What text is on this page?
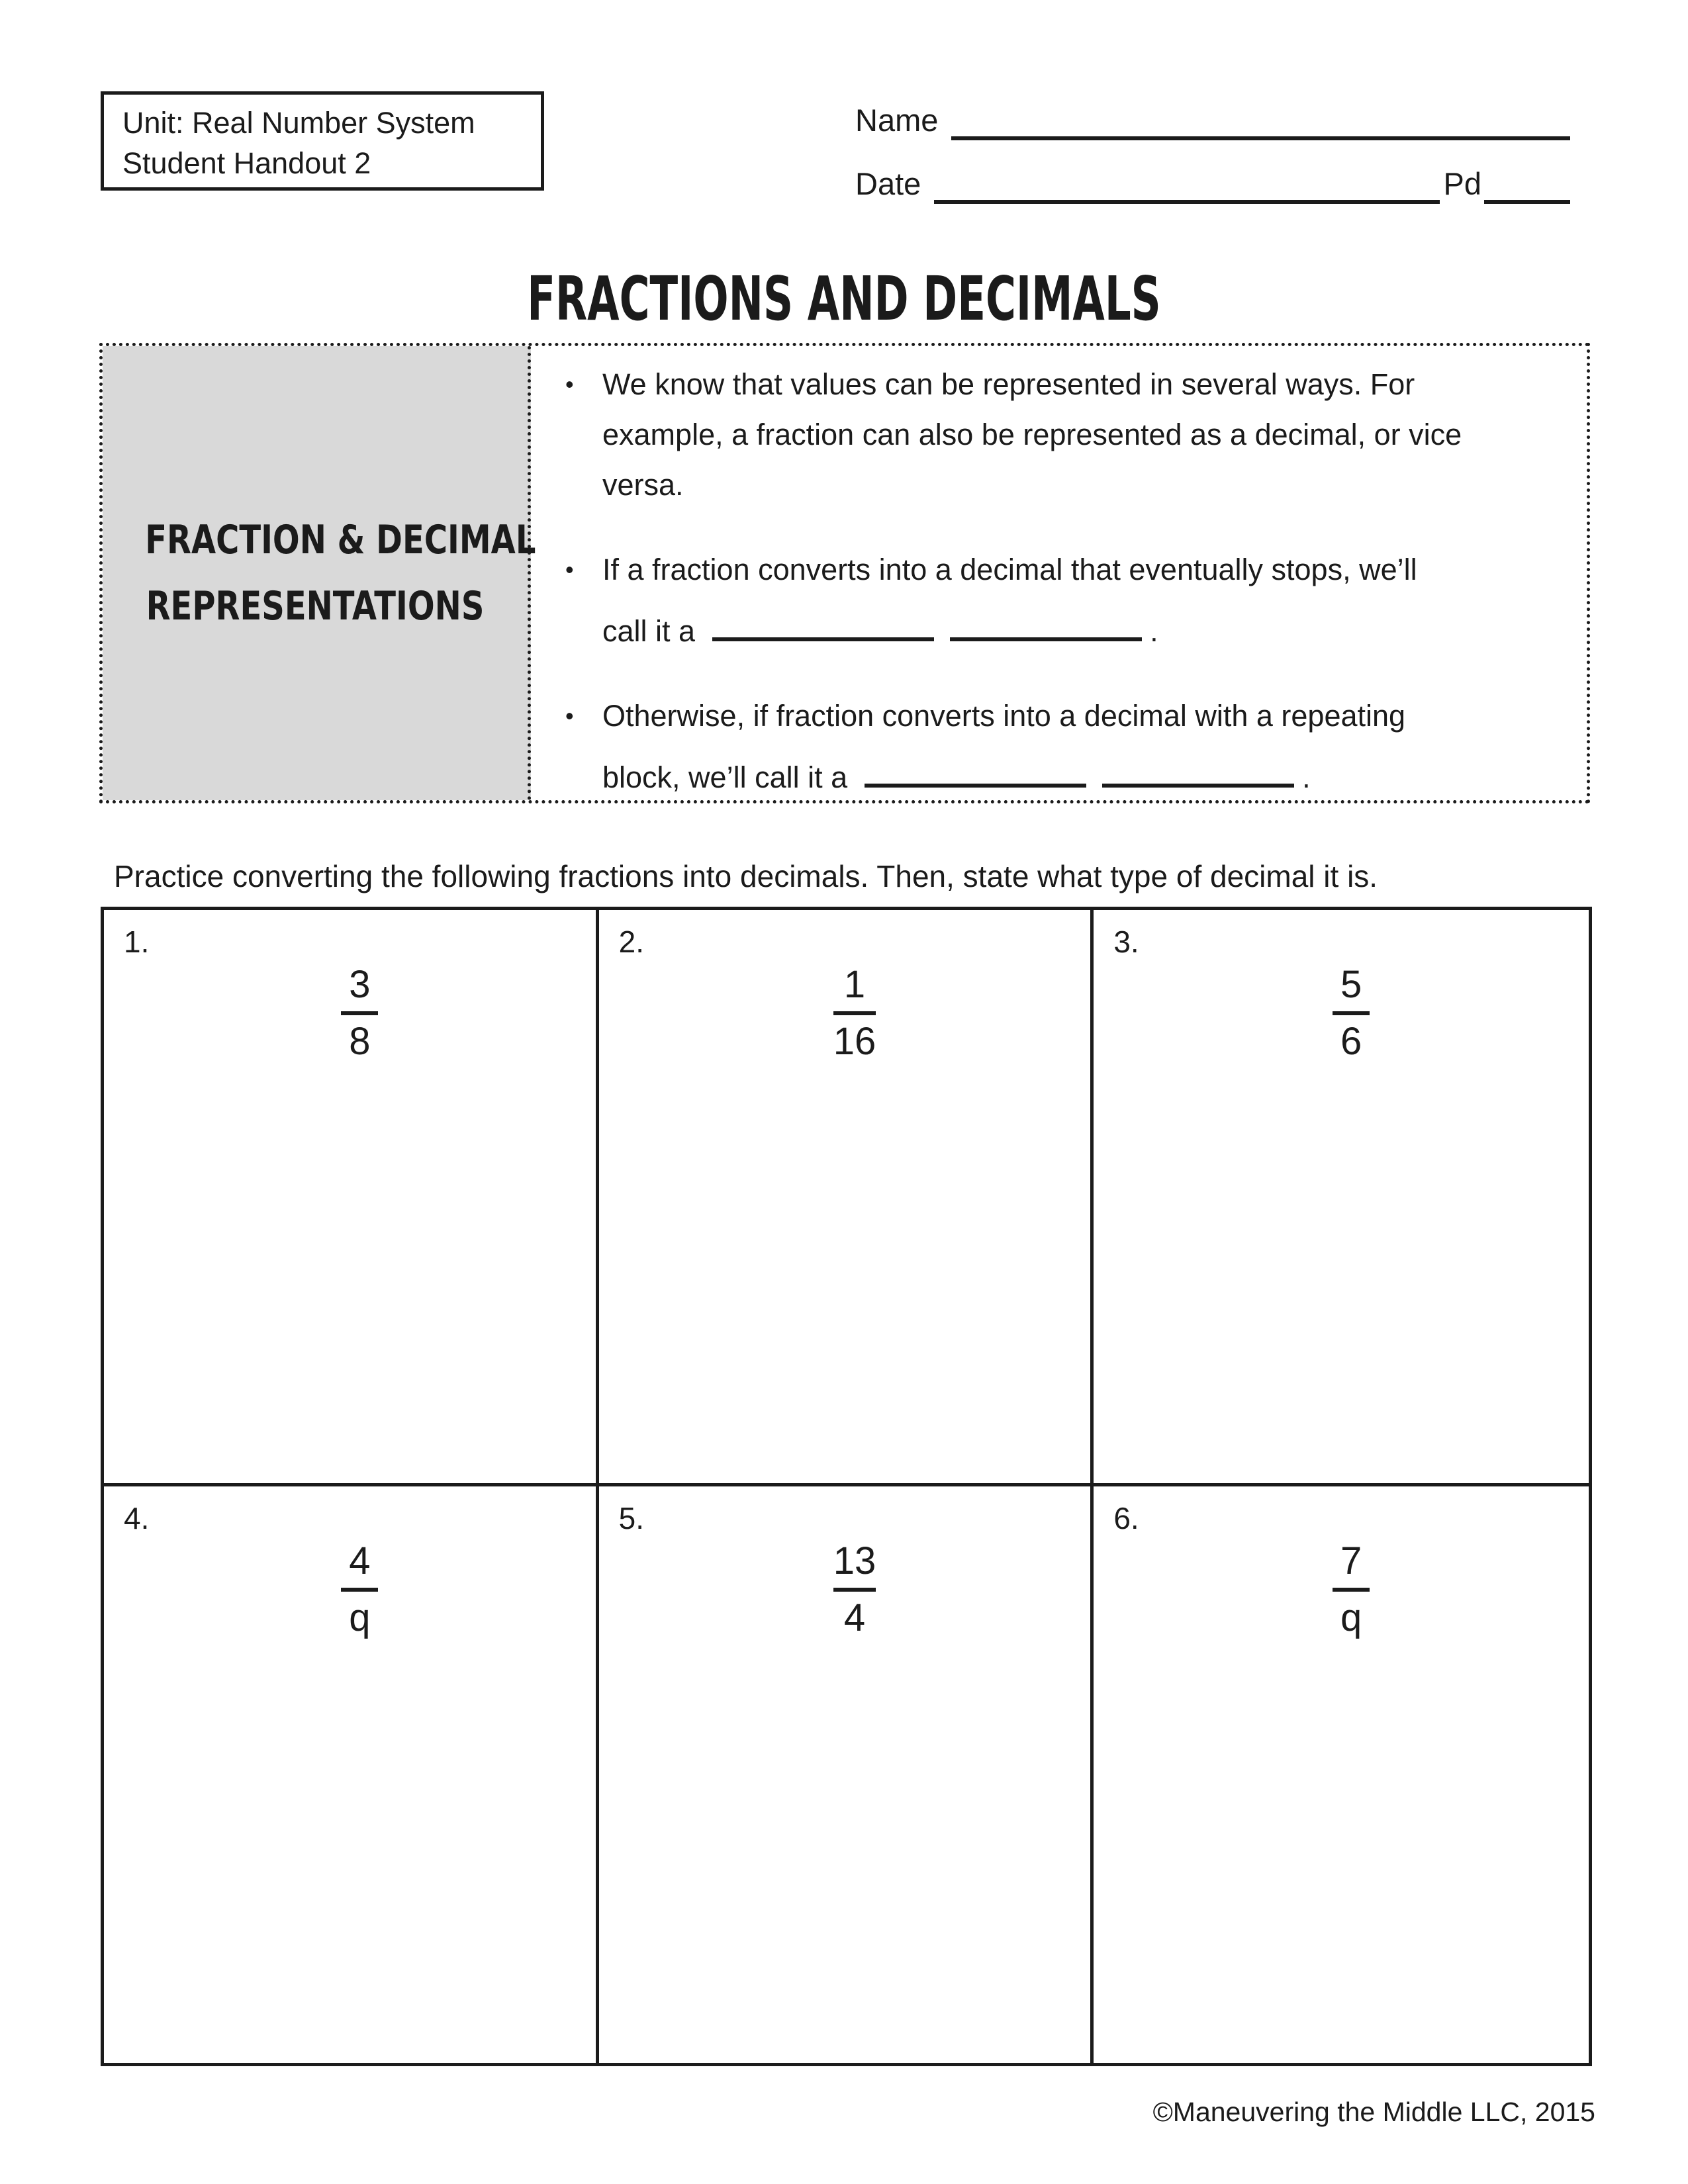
Unit: Real Number System
Student Handout 2
Name
Date	Pd
FRACTIONS AND DECIMALS
FRACTION & DECIMAL
REPRESENTATIONS
• We know that values can be represented in several ways. For
example, a fraction can also be represented as a decimal, or vice
versa.
• If a fraction converts into a decimal that eventually stops, we’ll
call it a	.
• Otherwise, if fraction converts into a decimal with a repeating
block, we’ll call it a	.
Practice converting the following fractions into decimals. Then, state what type of decimal it is.
1.
3
8
2.
1
16
3.
5
6
4.
4
q
5.
13
4
6.
7
q
©Maneuvering the Middle LLC, 2015
